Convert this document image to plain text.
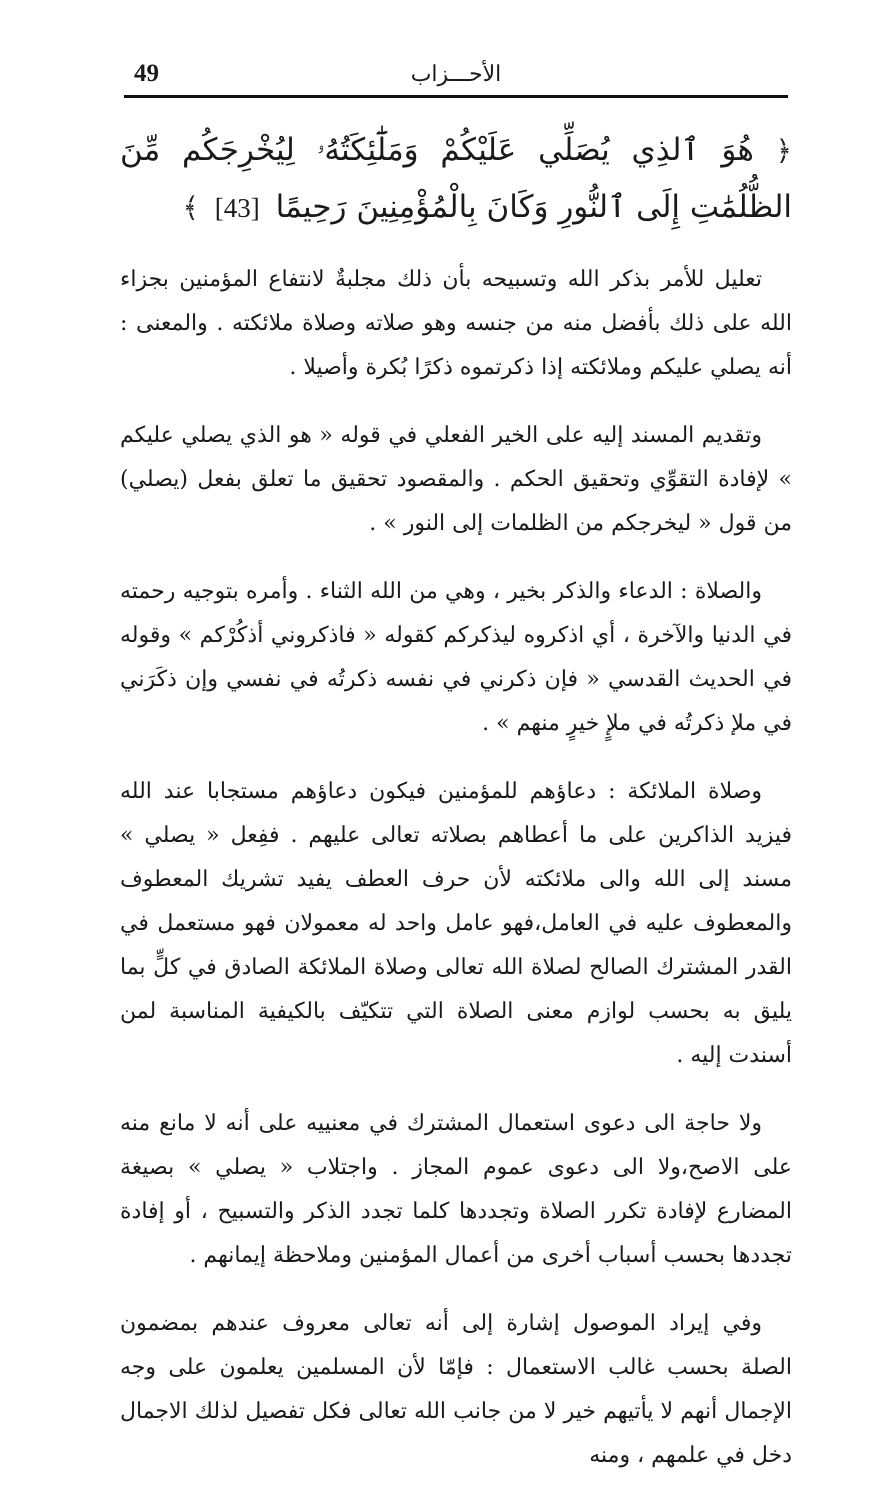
49	الأحـــزاب
﴿ هُوَ ٱلذِي يُصَلِّي عَلَيْكُمْ وَمَلَٰٓئِكَتُهُۥ لِيُخْرِجَكُم مِّنَ الظُّلُمَٰتِ إِلَى ٱلنُّورِ وَكَانَ بِالْمُؤْمِنِينَ رَحِيمًا [43] ﴾

تعليل للأمر بذكر الله وتسبيحه بأن ذلك مجلبةٌ لانتفاع المؤمنين بجزاء الله على ذلك بأفضل منه من جنسه وهو صلاته وصلاة ملائكته . والمعنى : أنه يصلي عليكم وملائكته إذا ذكرتموه ذكرًا بُكرة وأصيلا .

وتقديم المسند إليه على الخير الفعلي في قوله « هو الذي يصلي عليكم » لإفادة التقوِّي وتحقيق الحكم . والمقصود تحقيق ما تعلق بفعل (يصلي) من قول « ليخرجكم من الظلمات إلى النور » .

والصلاة : الدعاء والذكر بخير ، وهي من الله الثناء . وأمره بتوجيه رحمته في الدنيا والآخرة ، أي اذكروه ليذكركم كقوله « فاذكروني أذكُرْكم » وقوله في الحديث القدسي « فإن ذكرني في نفسه ذكرتُه في نفسي وإن ذكَرَني في ملإ ذكرتُه في ملإٍ خيرٍ منهم » .

وصلاة الملائكة : دعاؤهم للمؤمنين فيكون دعاؤهم مستجابا عند الله فيزيد الذاكرين على ما أعطاهم بصلاته تعالى عليهم . ففِعل « يصلي » مسند إلى الله والى ملائكته لأن حرف العطف يفيد تشريك المعطوف والمعطوف عليه في العامل،فهو عامل واحد له معمولان فهو مستعمل في القدر المشترك الصالح لصلاة الله تعالى وصلاة الملائكة الصادق في كلٍّ بما يليق به بحسب لوازم معنى الصلاة التي تتكيّف بالكيفية المناسبة لمن أسندت إليه .

ولا حاجة الى دعوى استعمال المشترك في معنييه على أنه لا مانع منه على الاصح،ولا الى دعوى عموم المجاز . واجتلاب « يصلي » بصيغة المضارع لإفادة تكرر الصلاة وتجددها كلما تجدد الذكر والتسبيح ، أو إفادة تجددها بحسب أسباب أخرى من أعمال المؤمنين وملاحظة إيمانهم .

وفي إيراد الموصول إشارة إلى أنه تعالى معروف عندهم بمضمون الصلة بحسب غالب الاستعمال : فإمّا لأن المسلمين يعلمون على وجه الإجمال أنهم لا يأتيهم خير لا من جانب الله تعالى فكل تفصيل لذلك الاجمال دخل في علمهم ، ومنه
